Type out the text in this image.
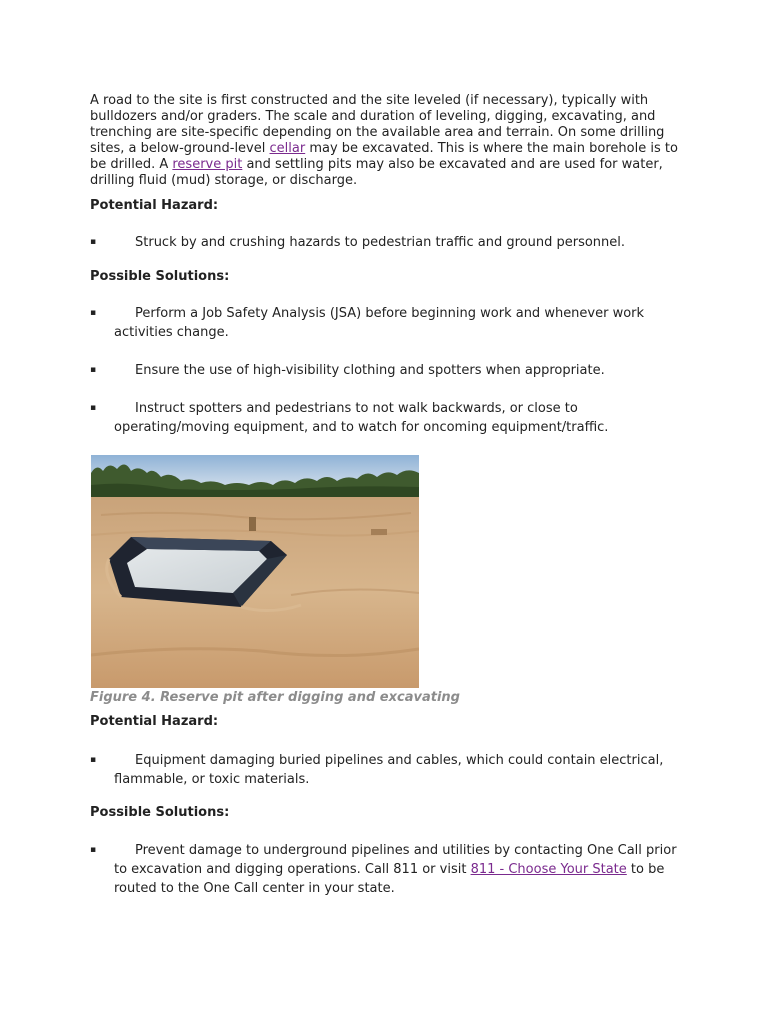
A road to the site is first constructed and the site leveled (if necessary), typically with bulldozers and/or graders. The scale and duration of leveling, digging, excavating, and trenching are site-specific depending on the available area and terrain. On some drilling sites, a below-ground-level cellar may be excavated. This is where the main borehole is to be drilled. A reserve pit and settling pits may also be excavated and are used for water, drilling fluid (mud) storage, or discharge.

Potential Hazard:

▪	Struck by and crushing hazards to pedestrian traffic and ground personnel.

Possible Solutions:

▪	Perform a Job Safety Analysis (JSA) before beginning work and whenever work activities change.
▪	Ensure the use of high-visibility clothing and spotters when appropriate.
▪	Instruct spotters and pedestrians to not walk backwards, or close to operating/moving equipment, and to watch for oncoming equipment/traffic.

Figure 4. Reserve pit after digging and excavating

Potential Hazard:

▪	Equipment damaging buried pipelines and cables, which could contain electrical, flammable, or toxic materials.

Possible Solutions:

▪	Prevent damage to underground pipelines and utilities by contacting One Call prior to excavation and digging operations. Call 811 or visit 811 - Choose Your State to be routed to the One Call center in your state.
